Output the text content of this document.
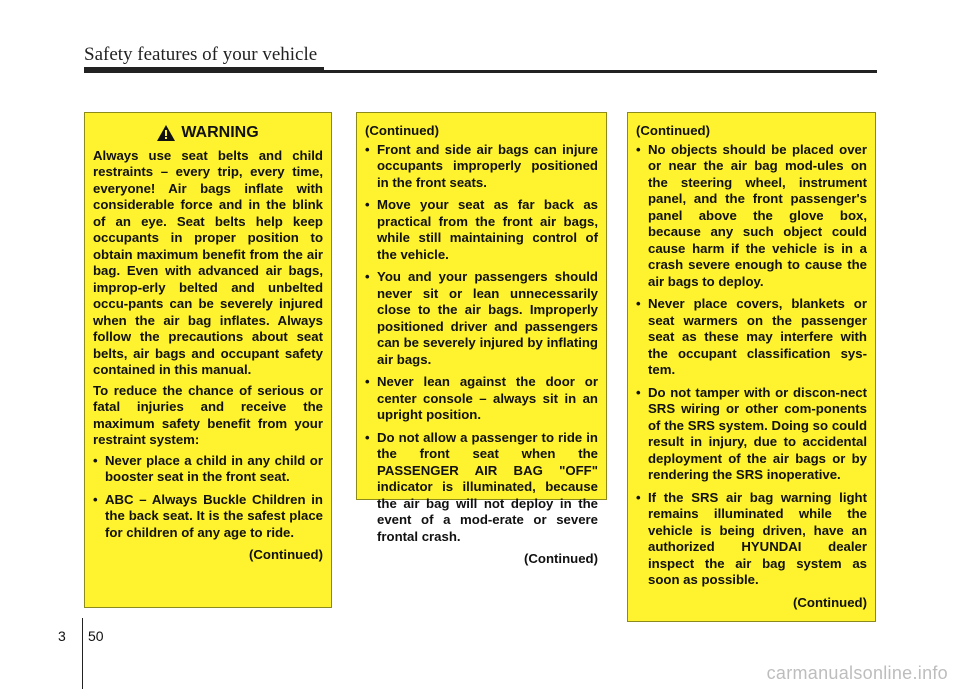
Safety features of your vehicle
WARNING

Always use seat belts and child restraints – every trip, every time, everyone! Air bags inflate with considerable force and in the blink of an eye. Seat belts help keep occupants in proper position to obtain maximum benefit from the air bag. Even with advanced air bags, improp-erly belted and unbelted occu-pants can be severely injured when the air bag inflates. Always follow the precautions about seat belts, air bags and occupant safety contained in this manual.

To reduce the chance of serious or fatal injuries and receive the maximum safety benefit from your restraint system:

• Never place a child in any child or booster seat in the front seat.
• ABC – Always Buckle Children in the back seat. It is the safest place for children of any age to ride.
(Continued)
(Continued)
• Front and side air bags can injure occupants improperly positioned in the front seats.
• Move your seat as far back as practical from the front air bags, while still maintaining control of the vehicle.
• You and your passengers should never sit or lean unnecessarily close to the air bags. Improperly positioned driver and passengers can be severely injured by inflating air bags.
• Never lean against the door or center console – always sit in an upright position.
• Do not allow a passenger to ride in the front seat when the PASSENGER AIR BAG "OFF" indicator is illuminated, because the air bag will not deploy in the event of a mod-erate or severe frontal crash.
(Continued)
(Continued)
• No objects should be placed over or near the air bag mod-ules on the steering wheel, instrument panel, and the front passenger's panel above the glove box, because any such object could cause harm if the vehicle is in a crash severe enough to cause the air bags to deploy.
• Never place covers, blankets or seat warmers on the passenger seat as these may interfere with the occupant classification sys-tem.
• Do not tamper with or discon-nect SRS wiring or other com-ponents of the SRS system. Doing so could result in injury, due to accidental deployment of the air bags or by rendering the SRS inoperative.
• If the SRS air bag warning light remains illuminated while the vehicle is being driven, have an authorized HYUNDAI dealer inspect the air bag system as soon as possible.
(Continued)
3 50
carmanualsonline.info
